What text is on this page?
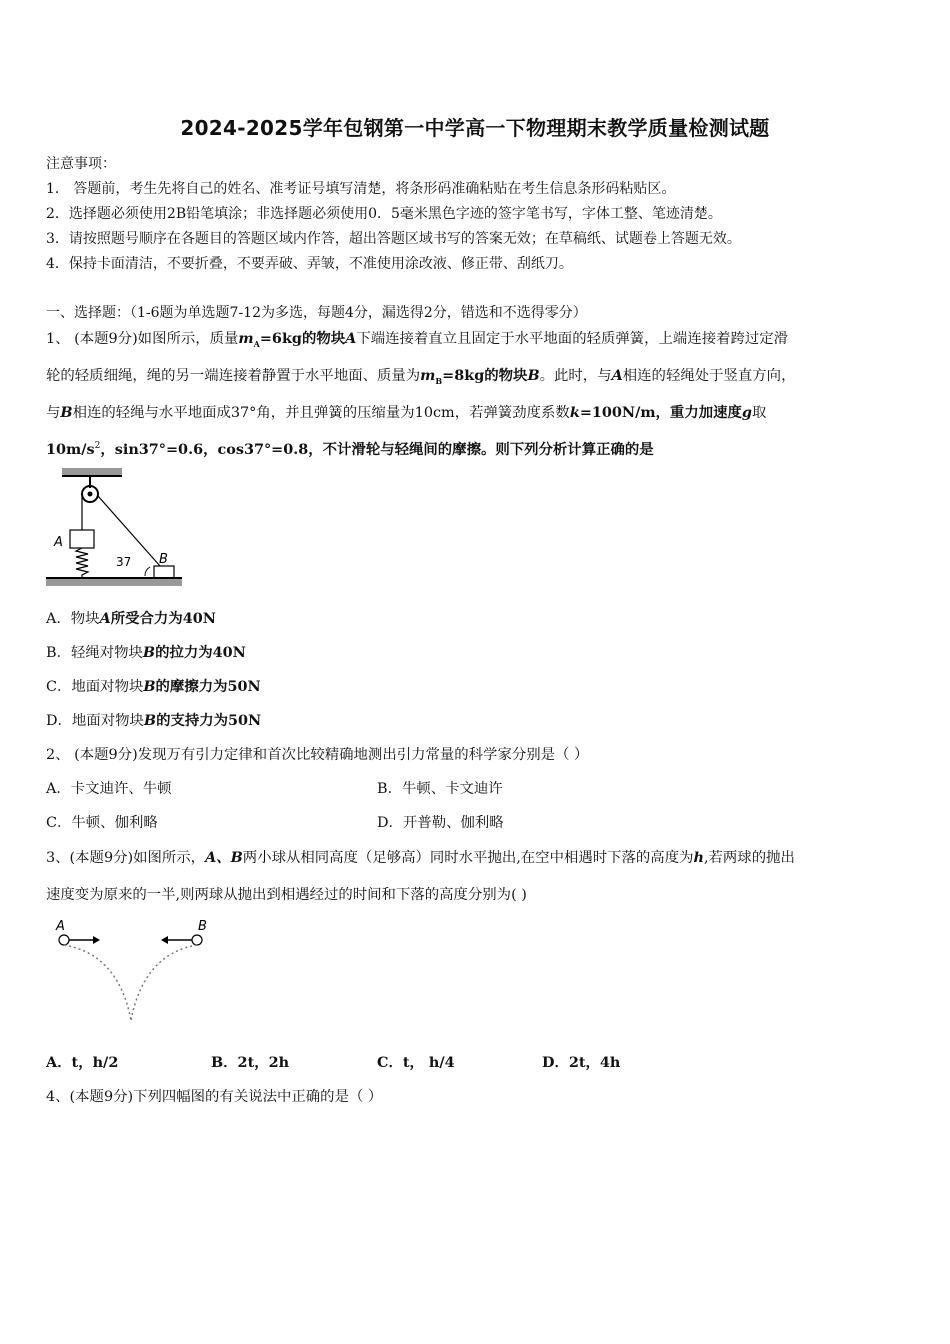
2024-2025学年包钢第一中学高一下物理期末教学质量检测试题
注意事项：
1． 答题前，考生先将自己的姓名、准考证号填写清楚，将条形码准确粘贴在考生信息条形码粘贴区。
2．选择题必须使用2B铅笔填涂；非选择题必须使用0．5毫米黑色字迹的签字笔书写，字体工整、笔迹清楚。
3．请按照题号顺序在各题目的答题区域内作答，超出答题区域书写的答案无效；在草稿纸、试题卷上答题无效。
4．保持卡面清洁，不要折叠，不要弄破、弄皱，不准使用涂改液、修正带、刮纸刀。
一、选择题：（1-6题为单选题7-12为多选，每题4分，漏选得2分，错选和不选得零分）
1、 (本题9分)如图所示，质量$m_A=6kg$的物块A下端连接着直立且固定于水平地面的轻质弹簧，上端连接着跨过定滑
轮的轻质细绳，绳的另一端连接着静置于水平地面、质量为$m_B=8kg$的物块B。此时，与A相连的轻绳处于竖直方向，
与B相连的轻绳与水平地面成37°角，并且弹簧的压缩量为10cm，若弹簧劲度系数k=100N/m，重力加速度g取
$10m/s^2$，sin37°=0.6，cos37°=0.8，不计滑轮与轻绳间的摩擦。则下列分析计算正确的是
A
37 B
A．物块A所受合力为40N
B．轻绳对物块B的拉力为40N
C．地面对物块B的摩擦力为50N
D．地面对物块B的支持力为50N
2、 (本题9分)发现万有引力定律和首次比较精确地测出引力常量的科学家分别是（ ）
A．卡文迪许、牛顿	B．牛顿、卡文迪许
C．牛顿、伽利略	D．开普勒、伽利略
3、(本题9分)如图所示，A、B两小球从相同高度（足够高）同时水平抛出,在空中相遇时下落的高度为h,若两球的抛出
速度变为原来的一半,则两球从抛出到相遇经过的时间和下落的高度分别为( )
A	B
A．t，h/2	B．2t，2h	C．t， h/4	D．2t，4h
4、(本题9分)下列四幅图的有关说法中正确的是（ ）
